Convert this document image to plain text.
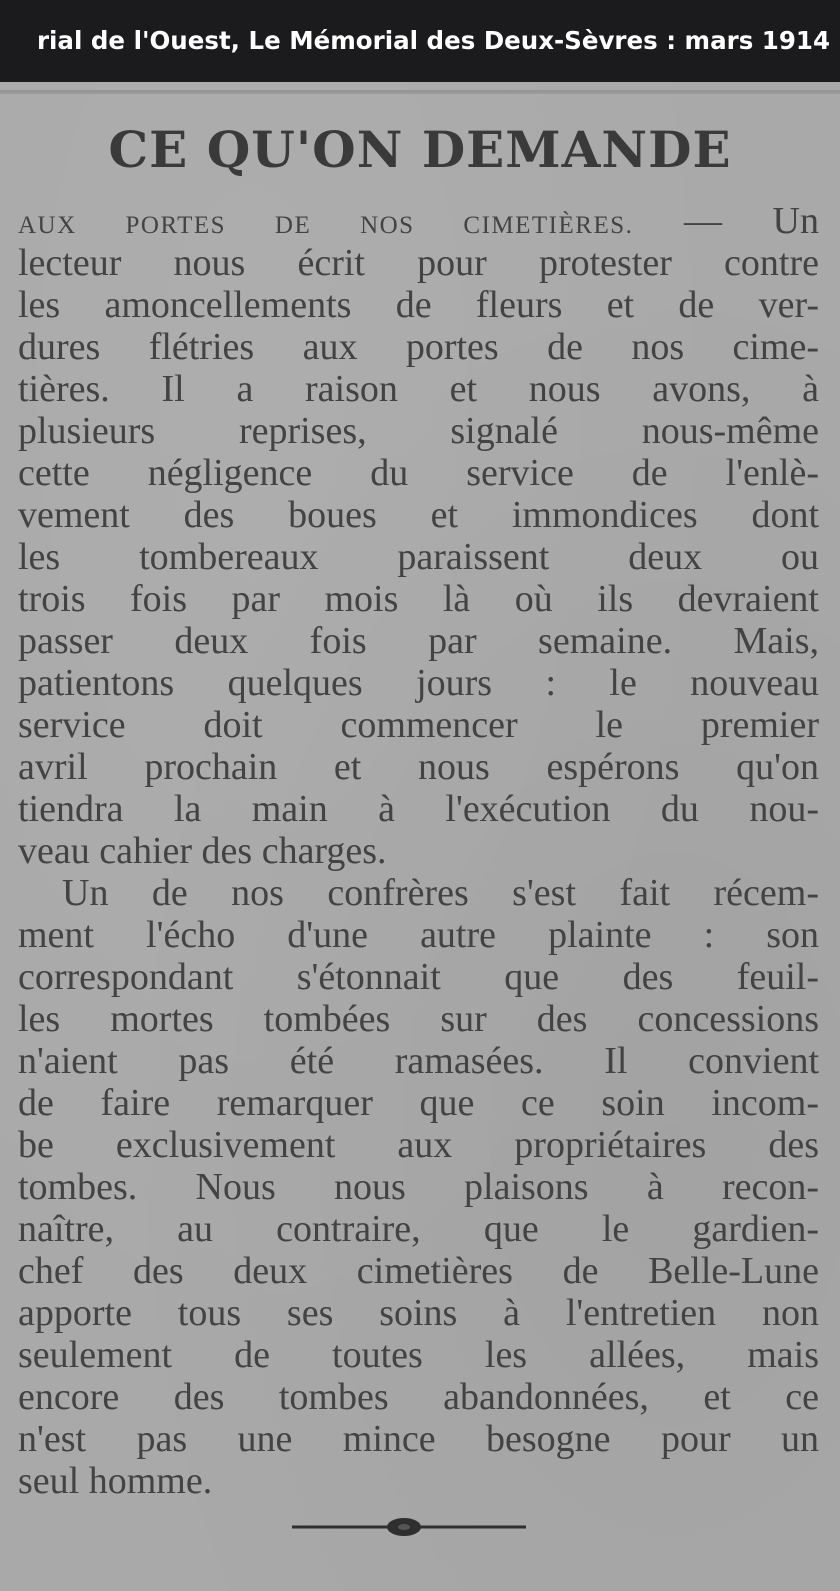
rial de l'Ouest, Le Mémorial des Deux-Sèvres : mars 1914
CE QU'ON DEMANDE
AUX PORTES DE NOS CIMETIÈRES. — Un
lecteur nous écrit pour protester contre
les amoncellements de fleurs et de ver-
dures flétries aux portes de nos cime-
tières. Il a raison et nous avons, à
plusieurs reprises, signalé nous-même
cette négligence du service de l'enlè-
vement des boues et immondices dont
les tombereaux paraissent deux ou
trois fois par mois là où ils devraient
passer deux fois par semaine. Mais,
patientons quelques jours : le nouveau
service doit commencer le premier
avril prochain et nous espérons qu'on
tiendra la main à l'exécution du nou-
veau cahier des charges.
Un de nos confrères s'est fait récem-
ment l'écho d'une autre plainte : son
correspondant s'étonnait que des feuil-
les mortes tombées sur des concessions
n'aient pas été ramasées. Il convient
de faire remarquer que ce soin incom-
be exclusivement aux propriétaires des
tombes. Nous nous plaisons à recon-
naître, au contraire, que le gardien-
chef des deux cimetières de Belle-Lune
apporte tous ses soins à l'entretien non
seulement de toutes les allées, mais
encore des tombes abandonnées, et ce
n'est pas une mince besogne pour un
seul homme.
